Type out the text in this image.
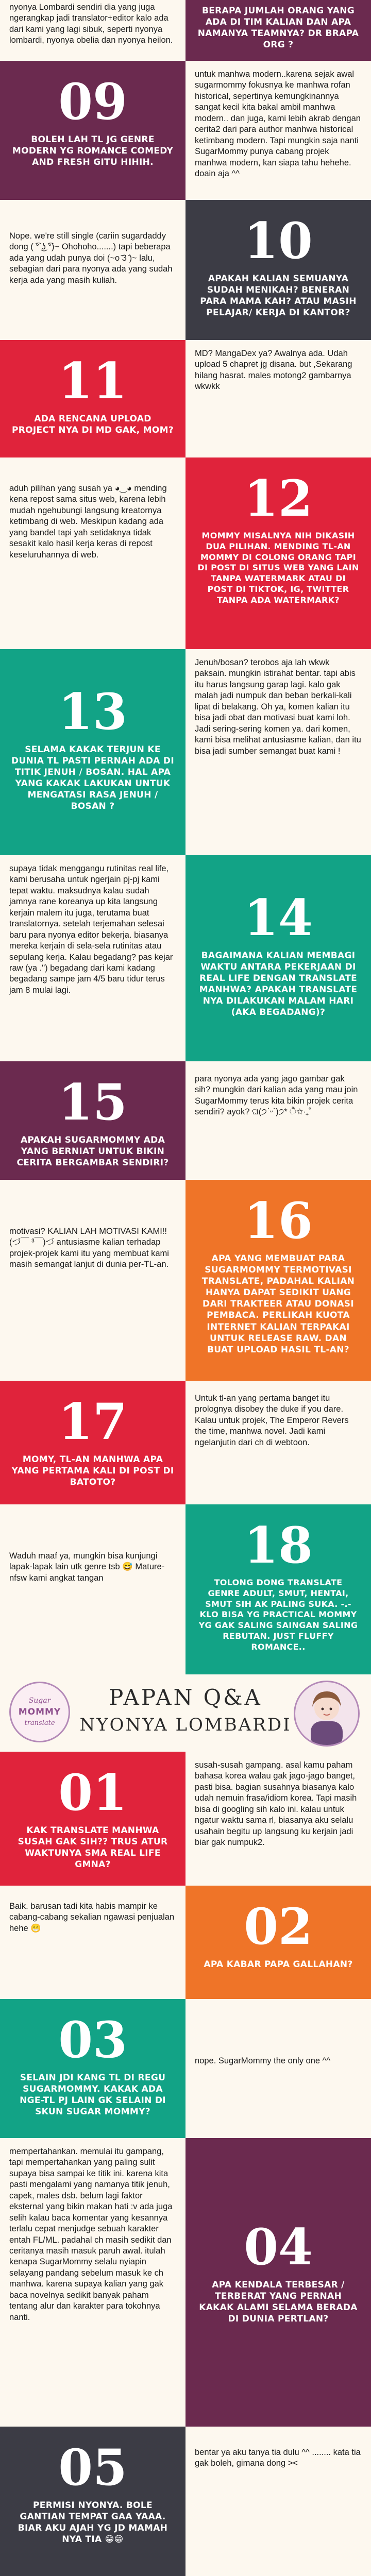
nyonya Lombardi sendiri dia yang juga ngerangkap jadi translator+editor kalo ada dari kami yang lagi sibuk, seperti nyonya lombardi, nyonya obelia dan nyonya heilon.
BERAPA JUMLAH ORANG YANG ADA DI TIM KALIAN DAN APA NAMANYA TEAMNYA? DR BRAPA ORG ?
09
BOLEH LAH TL JG GENRE MODERN YG ROMANCE COMEDY AND FRESH GITU HIHIH.
untuk manhwa modern..karena sejak awal sugarmommy fokusnya ke manhwa rofan historical, sepertinya kemungkinannya sangat kecil kita bakal ambil manhwa modern.. dan juga, kami lebih akrab dengan cerita2 dari para author manhwa historical ketimbang modern. Tapi mungkin saja nanti SugarMommy punya cabang projek manhwa modern, kan siapa tahu hehehe. doain aja ^^
Nope. we're still single (cariin sugardaddy dong ( ͡° ͜ʖ ͡°)~ Ohohoho.......) tapi beberapa ada yang udah punya doi (~o ̄3 ̄)~ lalu, sebagian dari para nyonya ada yang sudah kerja ada yang masih kuliah.
10
APAKAH KALIAN SEMUANYA SUDAH MENIKAH? BENERAN PARA MAMA KAH? ATAU MASIH PELAJAR/ KERJA DI KANTOR?
11
ADA RENCANA UPLOAD PROJECT NYA DI MD GAK, MOM?
MD? MangaDex ya? Awalnya ada. Udah upload 5 chapret jg disana. but ,Sekarang hilang hasrat. males motong2 gambarnya wkwkk
aduh pilihan yang susah ya ◕‿◕ mending kena repost sama situs web, karena lebih mudah ngehubungi langsung kreatornya ketimbang di web. Meskipun kadang ada yang bandel tapi yah setidaknya tidak sesakit kalo hasil kerja keras di repost keseluruhannya di web.
12
MOMMY MISALNYA NIH DIKASIH DUA PILIHAN. MENDING TL-AN MOMMY DI COLONG ORANG TAPI DI POST DI SITUS WEB YANG LAIN TANPA WATERMARK ATAU DI POST DI TIKTOK, IG, TWITTER TANPA ADA WATERMARK?
13
SELAMA KAKAK TERJUN KE DUNIA TL PASTI PERNAH ADA DI TITIK JENUH / BOSAN. HAL APA YANG KAKAK LAKUKAN UNTUK MENGATASI RASA JENUH / BOSAN ?
Jenuh/bosan? terobos aja lah wkwk paksain. mungkin istirahat bentar. tapi abis itu harus langsung garap lagi. kalo gak malah jadi numpuk dan beban berkali-kali lipat di belakang. Oh ya, komen kalian itu bisa jadi obat dan motivasi buat kami loh. Jadi sering-sering komen ya. dari komen, kami bisa melihat antusiasme kalian, dan itu bisa jadi sumber semangat buat kami !
supaya tidak menggangu rutinitas real life, kami berusaha untuk ngerjain pj-pj kami tepat waktu. maksudnya kalau sudah jamnya rane koreanya up kita langsung kerjain malem itu juga, terutama buat translatornya. setelah terjemahan selesai baru para nyonya editor bekerja. biasanya mereka kerjain di sela-sela rutinitas atau sepulang kerja. Kalau begadang? pas kejar raw (ya .") begadang dari kami kadang begadang sampe jam 4/5 baru tidur terus jam 8 mulai lagi.
14
BAGAIMANA KALIAN MEMBAGI WAKTU ANTARA PEKERJAAN DI REAL LIFE DENGAN TRANSLATE MANHWA? APAKAH TRANSLATE NYA DILAKUKAN MALAM HARI (AKA BEGADANG)?
15
APAKAH SUGARMOMMY ADA YANG BERNIAT UNTUK BIKIN CERITA BERGAMBAR SENDIRI?
para nyonya ada yang jago gambar gak sih? mungkin dari kalian ada yang mau join SugarMommy terus kita bikin projek cerita sendiri? ayok? ଘ(੭ˊᵕˋ)੭* ੈ✩‧₊˚
motivasi? KALIAN LAH MOTIVASI KAMI!! (づ￣ ³￣)づ antusiasme kalian terhadap projek-projek kami itu yang membuat kami masih semangat lanjut di dunia per-TL-an.
16
APA YANG MEMBUAT PARA SUGARMOMMY TERMOTIVASI TRANSLATE, PADAHAL KALIAN HANYA DAPAT SEDIKIT UANG DARI TRAKTEER ATAU DONASI PEMBACA. PERLIKAH KUOTA INTERNET KALIAN TERPAKAI UNTUK RELEASE RAW. DAN BUAT UPLOAD HASIL TL-AN?
17
MOMY, TL-AN MANHWA APA YANG PERTAMA KALI DI POST DI BATOTO?
Untuk tl-an yang pertama banget itu prolognya disobey the duke if you dare. Kalau untuk projek, The Emperor Revers the time, manhwa novel. Jadi kami ngelanjutin dari ch di webtoon.
Waduh maaf ya, mungkin bisa kunjungi lapak-lapak lain utk genre tsb 😅 Mature-nfsw kami angkat tangan
18
TOLONG DONG TRANSLATE GENRE ADULT, SMUT, HENTAI, SMUT SIH AK PALING SUKA. -.- KLO BISA YG PRACTICAL MOMMY YG GAK SALING SAINGAN SALING REBUTAN. JUST FLUFFY ROMANCE..
Sugar
MOMMY
translate
PAPAN Q&A
NYONYA LOMBARDI
01
KAK TRANSLATE MANHWA SUSAH GAK SIH?? TRUS ATUR WAKTUNYA SMA REAL LIFE GMNA?
susah-susah gampang. asal kamu paham bahasa korea walau gak jago-jago banget, pasti bisa. bagian susahnya biasanya kalo udah nemuin frasa/idiom korea. Tapi masih bisa di googling sih kalo ini. kalau untuk ngatur waktu sama rl, biasanya aku selalu usahain begitu up langsung ku kerjain jadi biar gak numpuk2.
Baik. barusan tadi kita habis mampir ke cabang-cabang sekalian ngawasi penjualan hehe 😁	02
APA KABAR PAPA GALLAHAN?
03
SELAIN JDI KANG TL DI REGU SUGARMOMMY. KAKAK ADA NGE-TL PJ LAIN GK SELAIN DI SKUN SUGAR MOMMY?
nope. SugarMommy the only one ^^
mempertahankan. memulai itu gampang, tapi mempertahankan yang paling sulit supaya bisa sampai ke titik ini. karena kita pasti mengalami yang namanya titik jenuh, capek, males dsb. belum lagi faktor eksternal yang bikin makan hati :v ada juga selih kalau baca komentar yang kesannya terlalu cepat menjudge sebuah karakter entah FL/ML. padahal ch masih sedikit dan ceritanya masih masuk paruh awal. itulah kenapa SugarMommy selalu nyiapin selayang pandang sebelum masuk ke ch manhwa. karena supaya kalian yang gak baca novelnya sedikit banyak paham tentang alur dan karakter para tokohnya nanti.
04
APA KENDALA TERBESAR / TERBERAT YANG PERNAH KAKAK ALAMI SELAMA BERADA DI DUNIA PERTLAN?
05
PERMISI NYONYA. BOLE GANTIAN TEMPAT GAA YAAA. BIAR AKU AJAH YG JD MAMAH NYA TIA 😁😁
bentar ya aku tanya tia dulu ^^ ........ kata tia gak boleh, gimana dong ><
